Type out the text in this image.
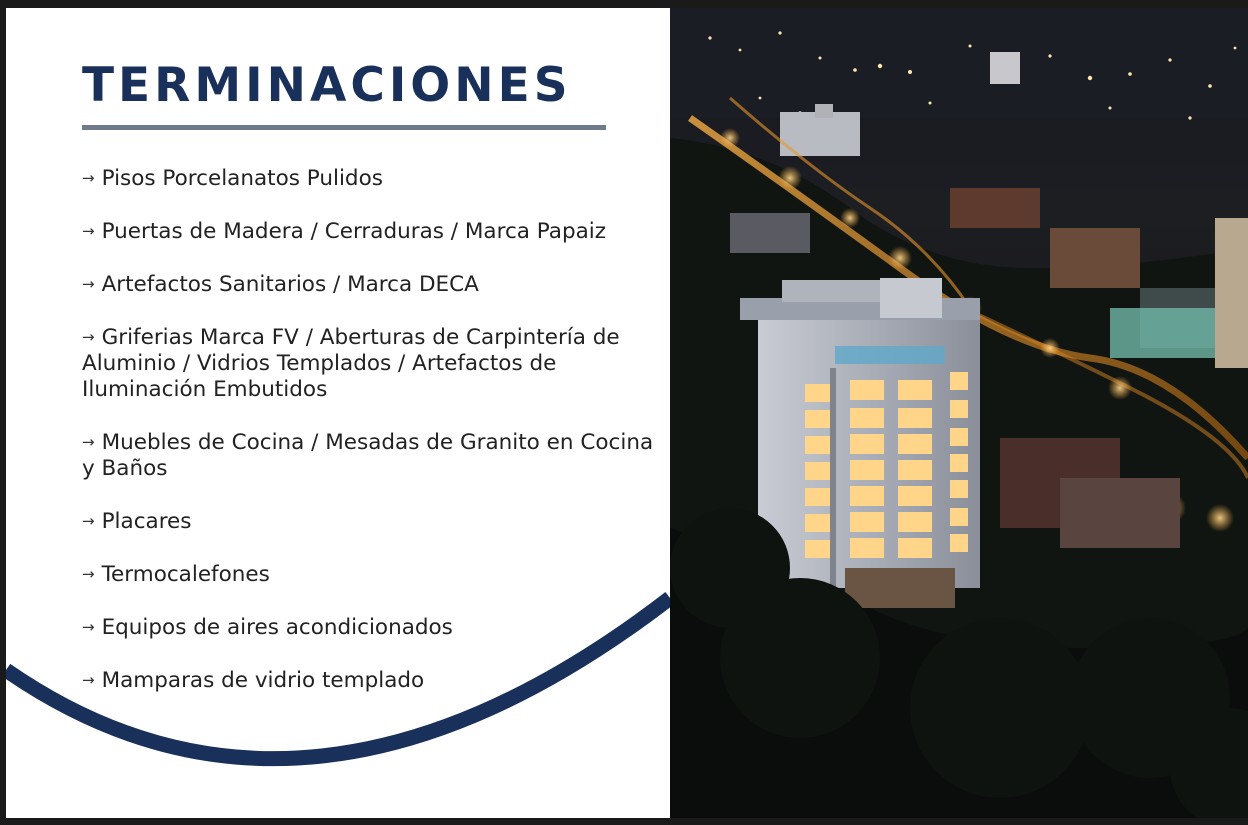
TERMINACIONES
→ Pisos Porcelanatos Pulidos
→ Puertas de Madera / Cerraduras / Marca Papaiz
→ Artefactos Sanitarios / Marca DECA
→ Griferias Marca FV / Aberturas de Carpintería de Aluminio / Vidrios Templados / Artefactos de Iluminación Embutidos
→ Muebles de Cocina / Mesadas de Granito en Cocina y Baños
→ Placares
→ Termocalefones
→ Equipos de aires acondicionados
→ Mamparas de vidrio templado
